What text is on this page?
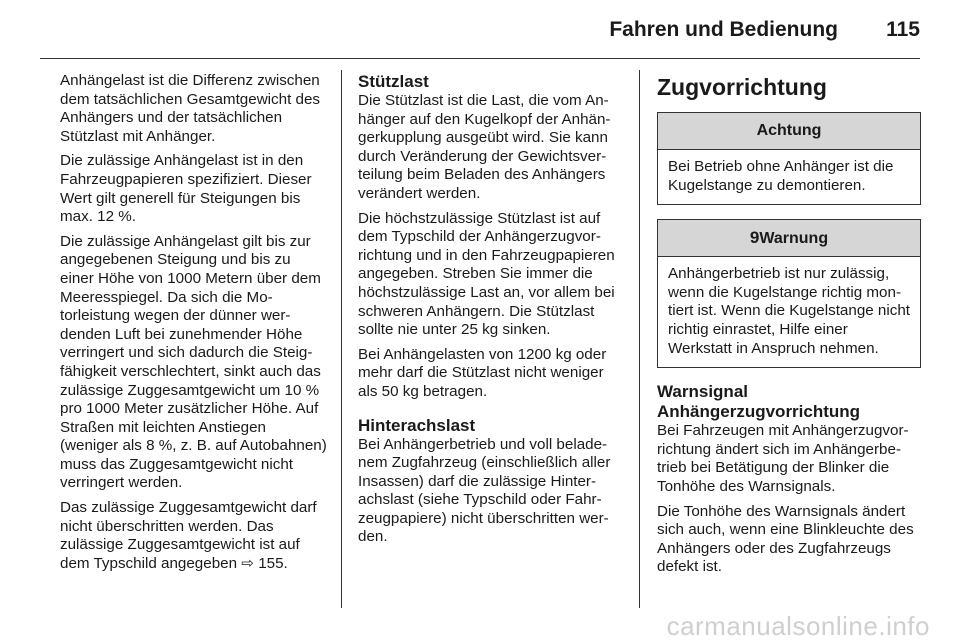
Fahren und Bedienung 115

Anhängelast ist die Differenz zwischen dem tatsächlichen Gesamtgewicht des Anhängers und der tatsächlichen Stützlast mit Anhänger.

Die zulässige Anhängelast ist in den Fahrzeugpapieren spezifiziert. Dieser Wert gilt generell für Steigungen bis max. 12 %.

Die zulässige Anhängelast gilt bis zur angegebenen Steigung und bis zu einer Höhe von 1000 Metern über dem Meeresspiegel. Da sich die Motorleistung wegen der dünner werdenden Luft bei zunehmender Höhe verringert und sich dadurch die Steigfähigkeit verschlechtert, sinkt auch das zulässige Zuggesamtgewicht um 10 % pro 1000 Meter zusätzlicher Höhe. Auf Straßen mit leichten Anstiegen (weniger als 8 %, z. B. auf Autobahnen) muss das Zuggesamtgewicht nicht verringert werden.

Das zulässige Zuggesamtgewicht darf nicht überschritten werden. Das zulässige Zuggesamtgewicht ist auf dem Typschild angegeben ⇨ 155.

Stützlast

Die Stützlast ist die Last, die vom Anhänger auf den Kugelkopf der Anhängerkupplung ausgeübt wird. Sie kann durch Veränderung der Gewichtsverteilung beim Beladen des Anhängers verändert werden.

Die höchstzulässige Stützlast ist auf dem Typschild der Anhängerzugvorrichtung und in den Fahrzeugpapieren angegeben. Streben Sie immer die höchstzulässige Last an, vor allem bei schweren Anhängern. Die Stützlast sollte nie unter 25 kg sinken.

Bei Anhängelasten von 1200 kg oder mehr darf die Stützlast nicht weniger als 50 kg betragen.

Hinterachslast

Bei Anhängerbetrieb und voll beladenem Zugfahrzeug (einschließlich aller Insassen) darf die zulässige Hinterachslast (siehe Typschild oder Fahrzeugpapiere) nicht überschritten werden.

Zugvorrichtung
Achtung
Bei Betrieb ohne Anhänger ist die Kugelstange zu demontieren.
9Warnung
Anhängerbetrieb ist nur zulässig, wenn die Kugelstange richtig montiert ist. Wenn die Kugelstange nicht richtig einrastet, Hilfe einer Werkstatt in Anspruch nehmen.
Warnsignal
Anhängerzugvorrichtung

Bei Fahrzeugen mit Anhängerzugvorrichtung ändert sich im Anhängerbetrieb bei Betätigung der Blinker die Tonhöhe des Warnsignals.

Die Tonhöhe des Warnsignals ändert sich auch, wenn eine Blinkleuchte des Anhängers oder des Zugfahrzeugs defekt ist.

carmanualsonline.info
